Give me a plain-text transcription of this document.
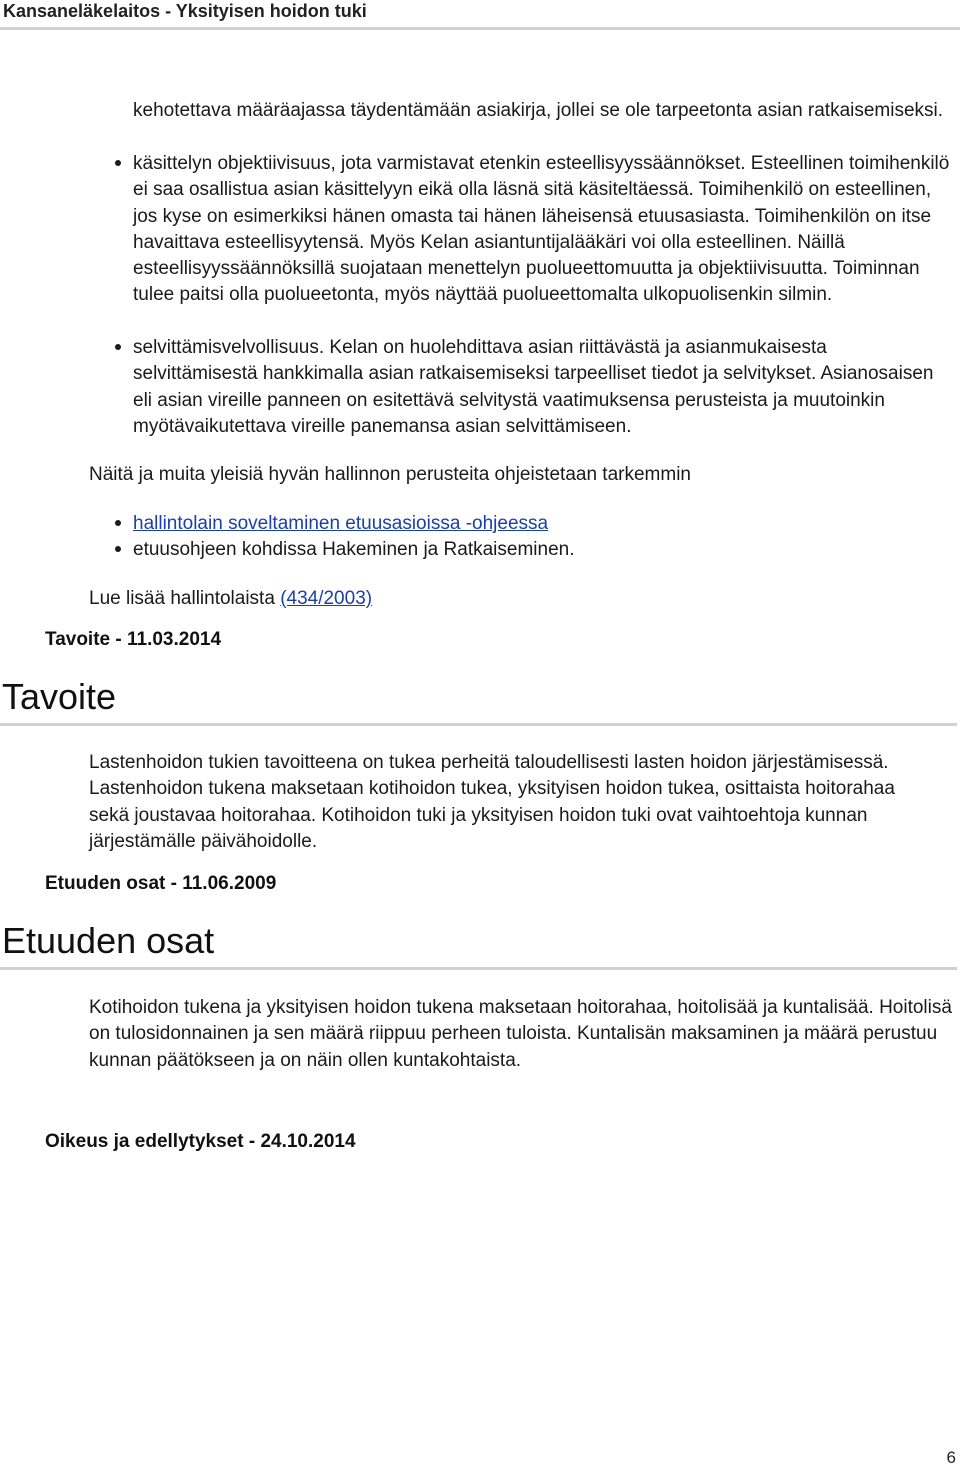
Kansaneläkelaitos - Yksityisen hoidon tuki
kehotettava määräajassa täydentämään asiakirja, jollei se ole tarpeetonta asian ratkaisemiseksi.
käsittelyn objektiivisuus, jota varmistavat etenkin esteellisyyssäännökset. Esteellinen toimihenkilö ei saa osallistua asian käsittelyyn eikä olla läsnä sitä käsiteltäessä. Toimihenkilö on esteellinen, jos kyse on esimerkiksi hänen omasta tai hänen läheisensä etuusasiasta. Toimihenkilön on itse havaittava esteellisyytensä. Myös Kelan asiantuntijalääkäri voi olla esteellinen. Näillä esteellisyyssäännöksillä suojataan menettelyn puolueettomuutta ja objektiivisuutta. Toiminnan tulee paitsi olla puolueetonta, myös näyttää puolueettomalta ulkopuolisenkin silmin.
selvittämisvelvollisuus. Kelan on huolehdittava asian riittävästä ja asianmukaisesta selvittämisestä hankkimalla asian ratkaisemiseksi tarpeelliset tiedot ja selvitykset. Asianosaisen eli asian vireille panneen on esitettävä selvitystä vaatimuksensa perusteista ja muutoinkin myötävaikutettava vireille panemansa asian selvittämiseen.
Näitä ja muita yleisiä hyvän hallinnon perusteita ohjeistetaan tarkemmin
hallintolain soveltaminen etuusasioissa -ohjeessa
etuusohjeen kohdissa Hakeminen ja Ratkaiseminen.
Lue lisää hallintolaista (434/2003)
Tavoite - 11.03.2014
Tavoite
Lastenhoidon tukien tavoitteena on tukea perheitä taloudellisesti lasten hoidon järjestämisessä. Lastenhoidon tukena maksetaan kotihoidon tukea, yksityisen hoidon tukea, osittaista hoitorahaa sekä joustavaa hoitorahaa. Kotihoidon tuki ja yksityisen hoidon tuki ovat vaihtoehtoja kunnan järjestämälle päivähoidolle.
Etuuden osat - 11.06.2009
Etuuden osat
Kotihoidon tukena ja yksityisen hoidon tukena maksetaan hoitorahaa, hoitolisää ja kuntalisää. Hoitolisä on tulosidonnainen ja sen määrä riippuu perheen tuloista. Kuntalisän maksaminen ja määrä perustuu kunnan päätökseen ja on näin ollen kuntakohtaista.
Oikeus ja edellytykset - 24.10.2014
6
